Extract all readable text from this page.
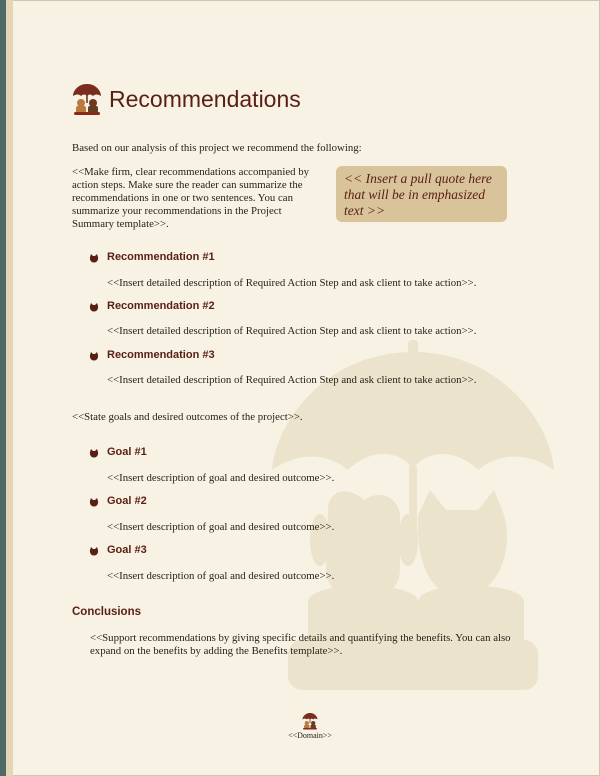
Recommendations

Based on our analysis of this project we recommend the following:

<<Make firm, clear recommendations accompanied by action steps. Make sure the reader can summarize the recommendations in one or two sentences. You can summarize your recommendations in the Project Summary template>>.

<< Insert a pull quote here that will be in emphasized text >>
Recommendation #1

<<Insert detailed description of Required Action Step and ask client to take action>>.

Recommendation #2

<<Insert detailed description of Required Action Step and ask client to take action>>.

Recommendation #3

<<Insert detailed description of Required Action Step and ask client to take action>>.

<<State goals and desired outcomes of the project>>.

Goal #1

<<Insert description of goal and desired outcome>>.

Goal #2

<<Insert description of goal and desired outcome>>.

Goal #3

<<Insert description of goal and desired outcome>>.

Conclusions

<<Support recommendations by giving specific details and quantifying the benefits. You can also expand on the benefits by adding the Benefits template>>.

<<Domain>>
